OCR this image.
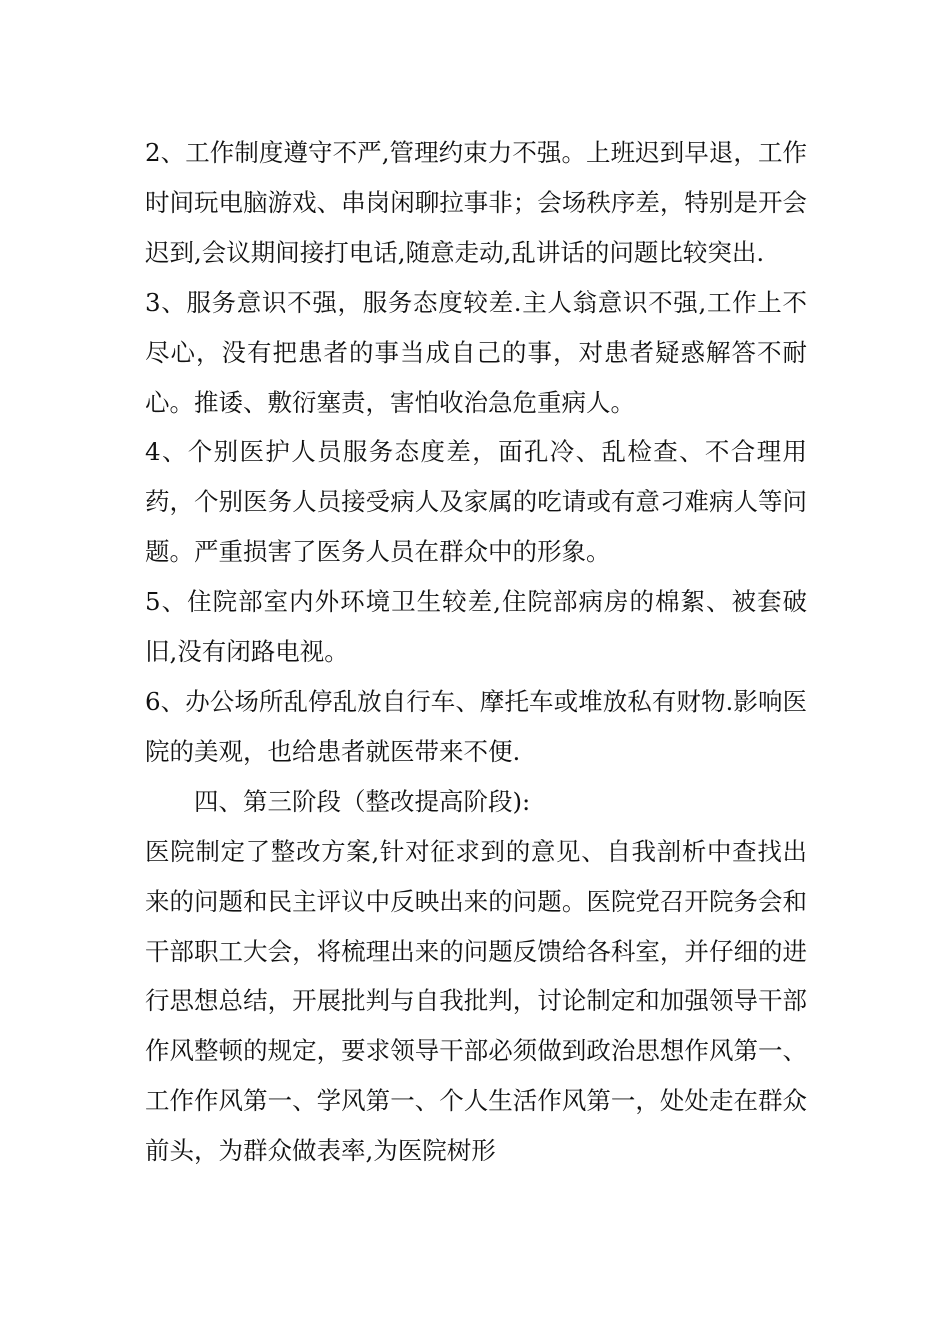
2、工作制度遵守不严,管理约束力不强。上班迟到早退，工作时间玩电脑游戏、串岗闲聊拉事非；会场秩序差，特别是开会迟到,会议期间接打电话,随意走动,乱讲话的问题比较突出.

3、服务意识不强，服务态度较差.主人翁意识不强,工作上不尽心，没有把患者的事当成自己的事，对患者疑惑解答不耐心。推诿、敷衍塞责，害怕收治急危重病人。

4、个别医护人员服务态度差，面孔冷、乱检查、不合理用药，个别医务人员接受病人及家属的吃请或有意刁难病人等问题。严重损害了医务人员在群众中的形象。

5、住院部室内外环境卫生较差,住院部病房的棉絮、被套破旧,没有闭路电视。

6、办公场所乱停乱放自行车、摩托车或堆放私有财物.影响医院的美观，也给患者就医带来不便.

四、第三阶段（整改提高阶段):

医院制定了整改方案,针对征求到的意见、自我剖析中查找出来的问题和民主评议中反映出来的问题。医院党召开院务会和干部职工大会，将梳理出来的问题反馈给各科室，并仔细的进行思想总结，开展批判与自我批判，讨论制定和加强领导干部作风整顿的规定，要求领导干部必须做到政治思想作风第一、工作作风第一、学风第一、个人生活作风第一，处处走在群众前头，为群众做表率,为医院树形
